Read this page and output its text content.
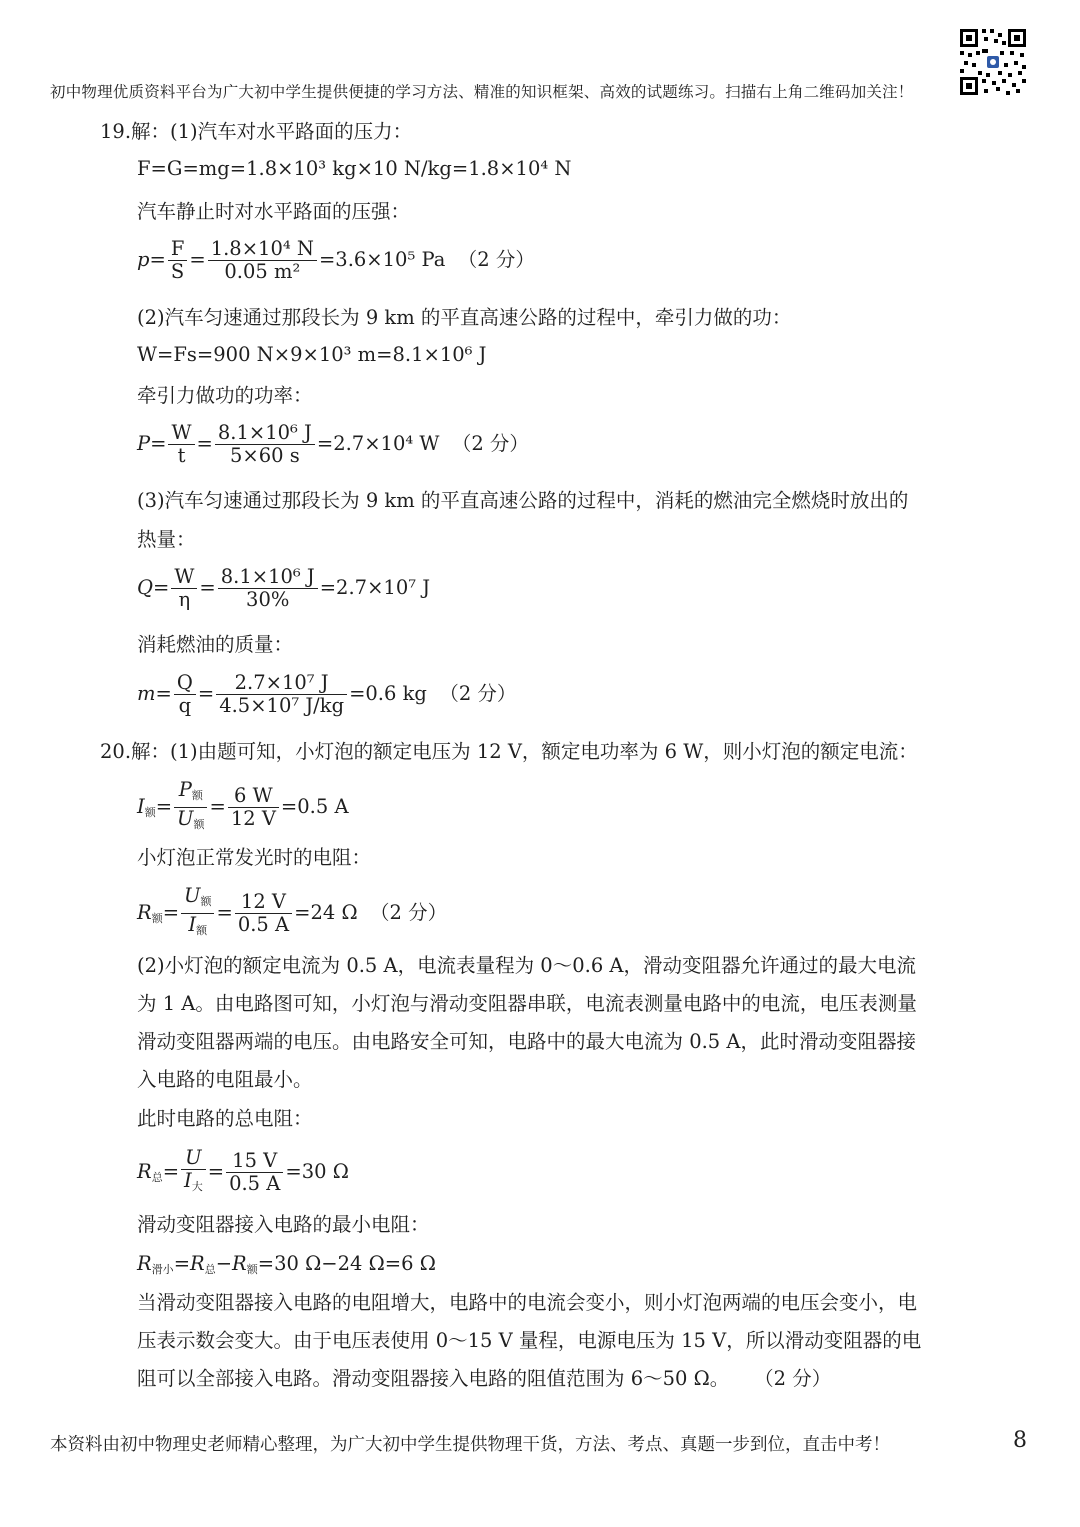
初中物理优质资料平台为广大初中学生提供便捷的学习方法、精准的知识框架、高效的试题练习。扫描右上角二维码加关注！
19.解：(1)汽车对水平路面的压力：
F=G=mg=1.8×10³ kg×10 N/kg=1.8×10⁴ N
汽车静止时对水平路面的压强：
$p= \frac{F}{S} = \frac{\text{1.8×10⁴ N}}{\text{0.05 m²}} =3.6\times 10^5$ Pa （2 分）
(2)汽车匀速通过那段长为 9 km 的平直高速公路的过程中，牵引力做的功：
W=Fs=900 N×9×10³ m=8.1×10⁶ J
牵引力做功的功率：
$P= \frac{W}{t} = \frac{\text{8.1×10⁶ J}}{5\times 60 s} =2.7\times 10^4$ W （2 分）
(3)汽车匀速通过那段长为 9 km 的平直高速公路的过程中，消耗的燃油完全燃烧时放出的
热量：
$Q= \frac{W}{\eta} = \frac{\text{8.1×10⁶ J}}{30\%} =2.7\times 10^7$ J
消耗燃油的质量：
$m= \frac{Q}{q} = \frac{\text{2.7×10⁷ J}}{\text{4.5×10⁷ J/kg}} =0.6$ kg （2 分）
20.解：(1)由题可知，小灯泡的额定电压为 12 V，额定电功率为 6 W，则小灯泡的额定电流：
$I_额= \frac{P_额}{U_额} = \frac{6 W}{12 V} =0.5$ A
小灯泡正常发光时的电阻：
$R_额= \frac{U_额}{I_额} = \frac{12 V}{0.5 A} =24$ Ω （2 分）
(2)小灯泡的额定电流为 0.5 A，电流表量程为 0～0.6 A，滑动变阻器允许通过的最大电流
为 1 A。由电路图可知，小灯泡与滑动变阻器串联，电流表测量电路中的电流，电压表测量
滑动变阻器两端的电压。由电路安全可知，电路中的最大电流为 0.5 A，此时滑动变阻器接
入电路的电阻最小。
此时电路的总电阻：
$R_总= \frac{U}{I_大} = \frac{15 V}{0.5 A} =30$ Ω
滑动变阻器接入电路的最小电阻：
$R_{滑小}=R_总-R_额=30$ Ω−24 Ω=6 Ω
当滑动变阻器接入电路的电阻增大，电路中的电流会变小，则小灯泡两端的电压会变小，电
压表示数会变大。由于电压表使用 0～15 V 量程，电源电压为 15 V，所以滑动变阻器的电
阻可以全部接入电路。滑动变阻器接入电路的阻值范围为 6～50 Ω。 （2 分）
本资料由初中物理史老师精心整理，为广大初中学生提供物理干货，方法、考点、真题一步到位，直击中考！	8
